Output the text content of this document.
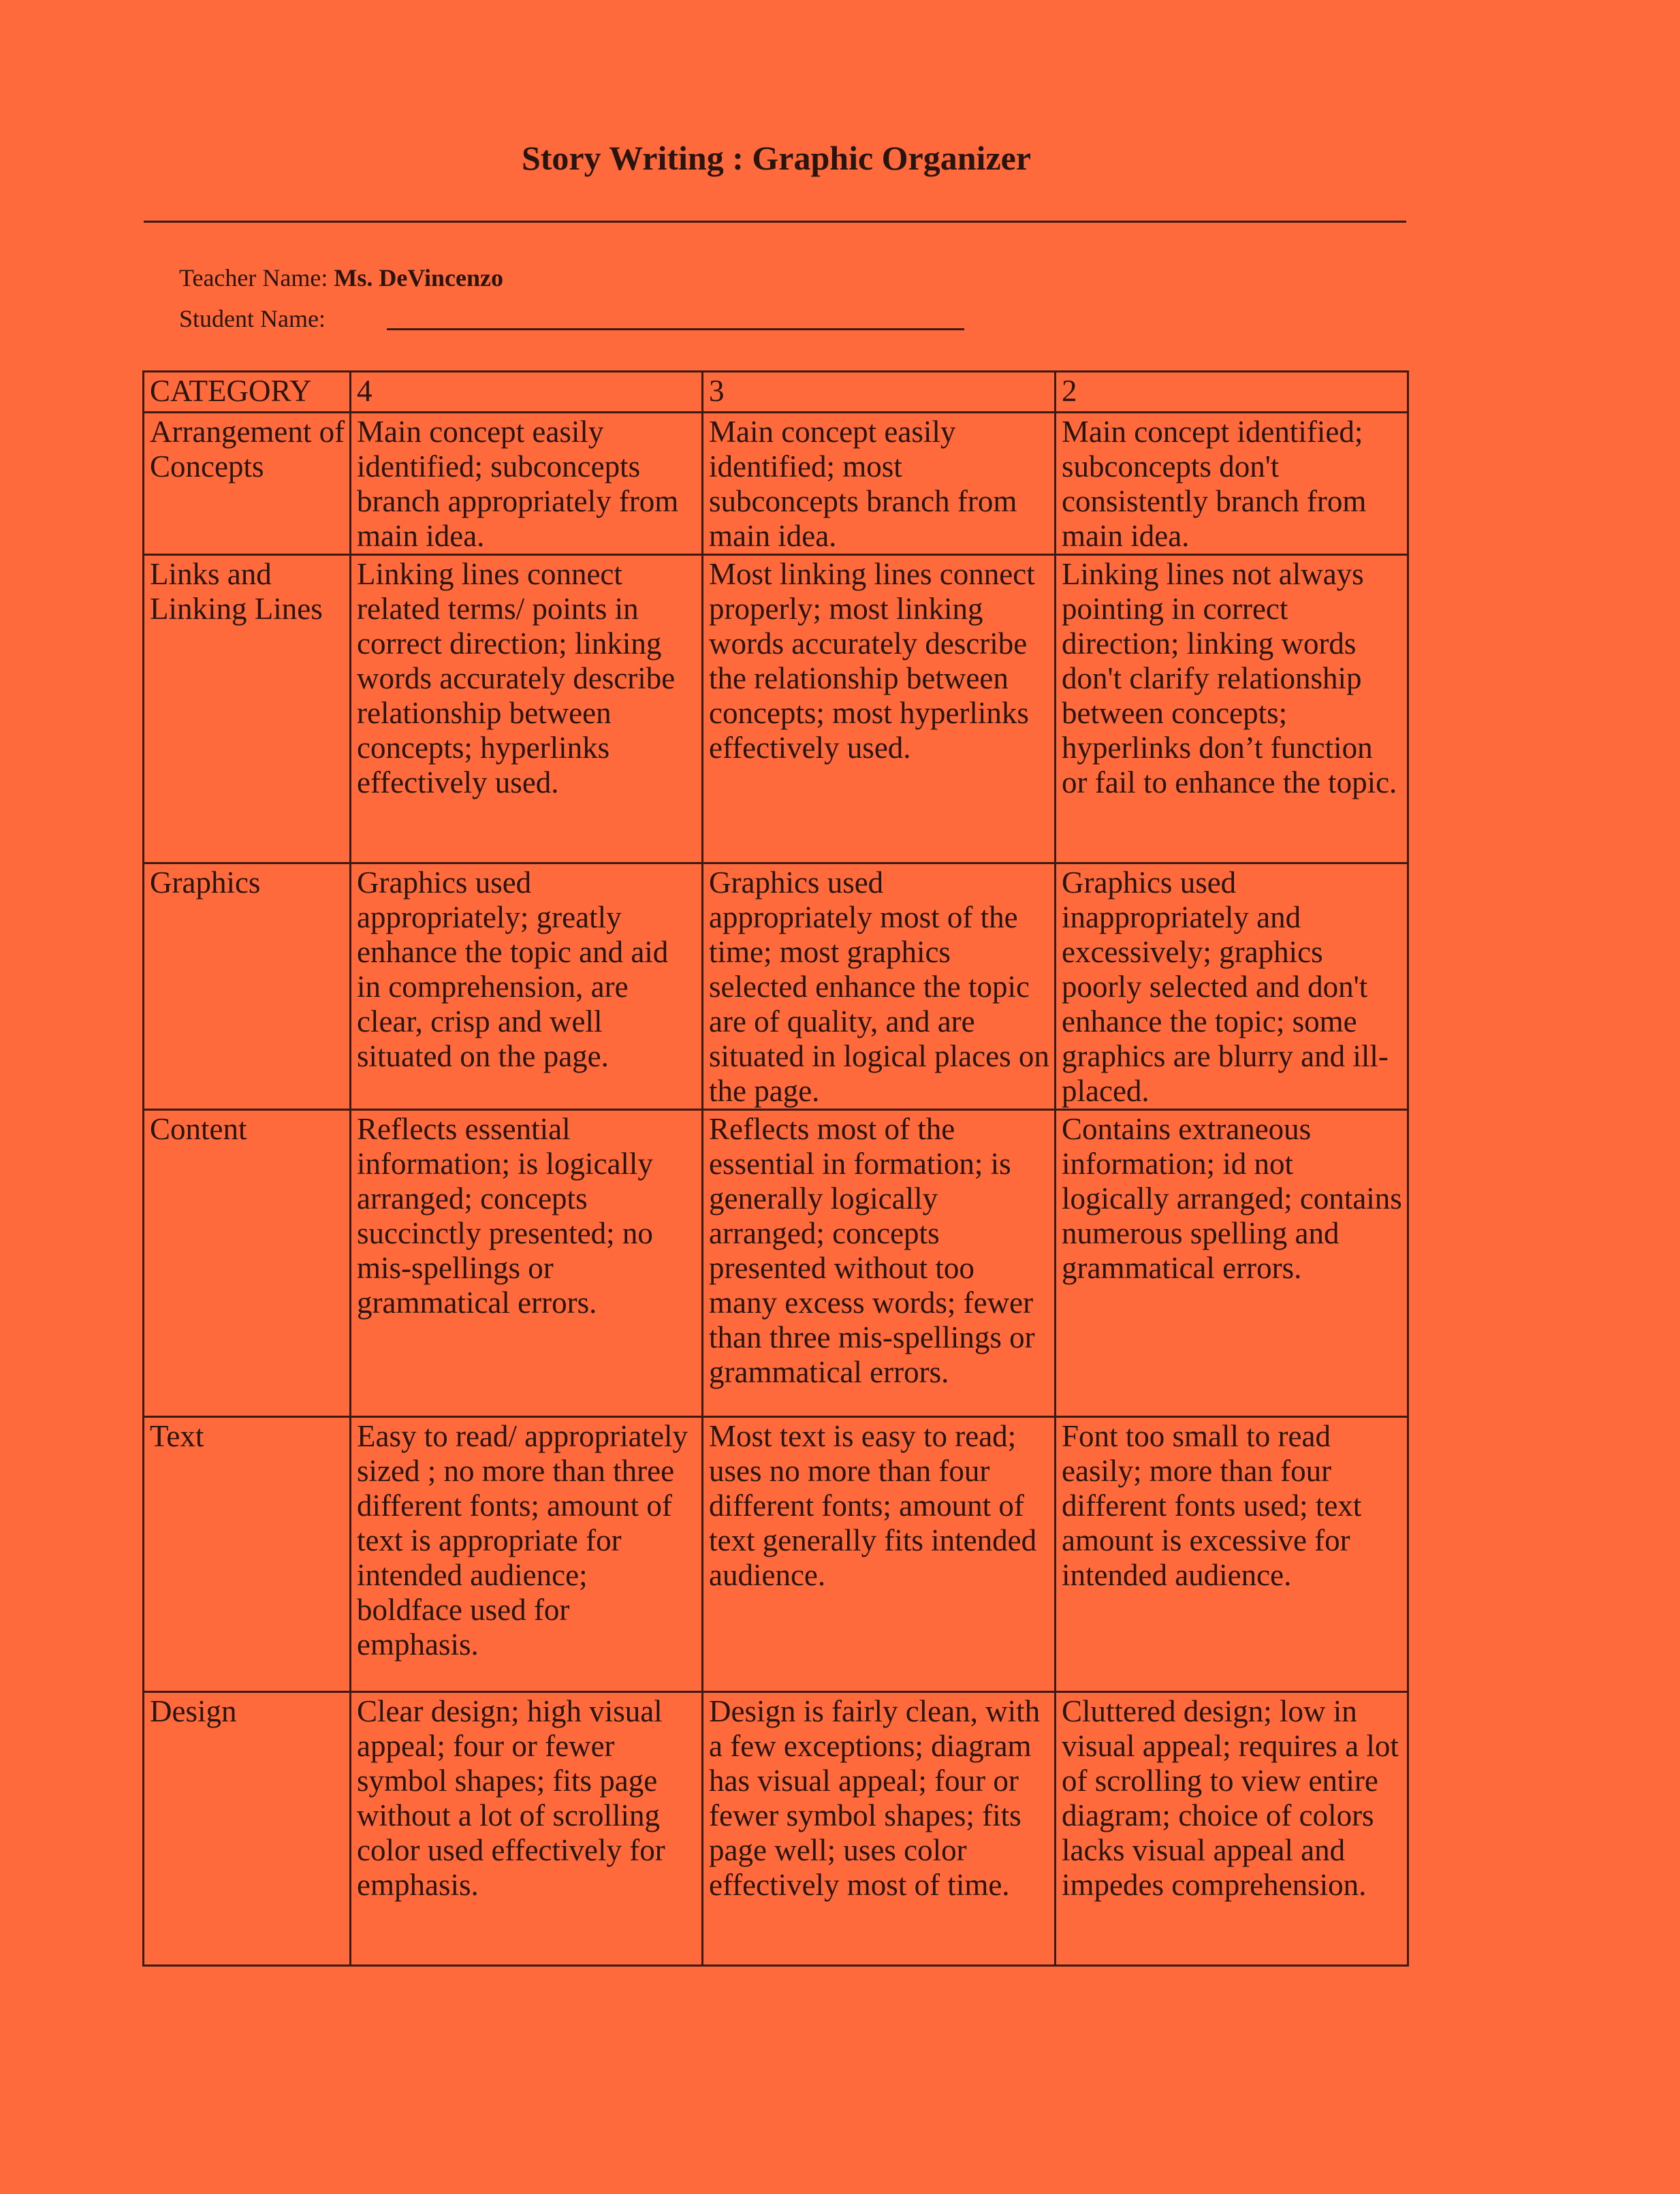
Story Writing : Graphic Organizer
Teacher Name: Ms. DeVincenzo
Student Name:
CATEGORY	4	3	2
Arrangement of Concepts	Main concept easily identified; subconcepts branch appropriately from main idea.	Main concept easily identified; most subconcepts branch from main idea.	Main concept identified; subconcepts don't consistently branch from main idea.
Links and Linking Lines	Linking lines connect related terms/ points in correct direction; linking words accurately describe relationship between concepts; hyperlinks effectively used.	Most linking lines connect properly; most linking words accurately describe the relationship between concepts; most hyperlinks effectively used.	Linking lines not always pointing in correct direction; linking words don't clarify relationship between concepts; hyperlinks don’t function or fail to enhance the topic.
Graphics	Graphics used appropriately; greatly enhance the topic and aid in comprehension, are clear, crisp and well situated on the page.	Graphics used appropriately most of the time; most graphics selected enhance the topic are of quality, and are situated in logical places on the page.	Graphics used inappropriately and excessively; graphics poorly selected and don't enhance the topic; some graphics are blurry and ill-placed.
Content	Reflects essential information; is logically arranged; concepts succinctly presented; no mis-spellings or grammatical errors.	Reflects most of the essential in formation; is generally logically arranged; concepts presented without too many excess words; fewer than three mis-spellings or grammatical errors.	Contains extraneous information; id not logically arranged; contains numerous spelling and grammatical errors.
Text	Easy to read/ appropriately sized ; no more than three different fonts; amount of text is appropriate for intended audience; boldface used for emphasis.	Most text is easy to read; uses no more than four different fonts; amount of text generally fits intended audience.	Font too small to read easily; more than four different fonts used; text amount is excessive for intended audience.
Design	Clear design; high visual appeal; four or fewer symbol shapes; fits page without a lot of scrolling color used effectively for emphasis.	Design is fairly clean, with a few exceptions; diagram has visual appeal; four or fewer symbol shapes; fits page well; uses color effectively most of time.	Cluttered design; low in visual appeal; requires a lot of scrolling to view entire diagram; choice of colors lacks visual appeal and impedes comprehension.
